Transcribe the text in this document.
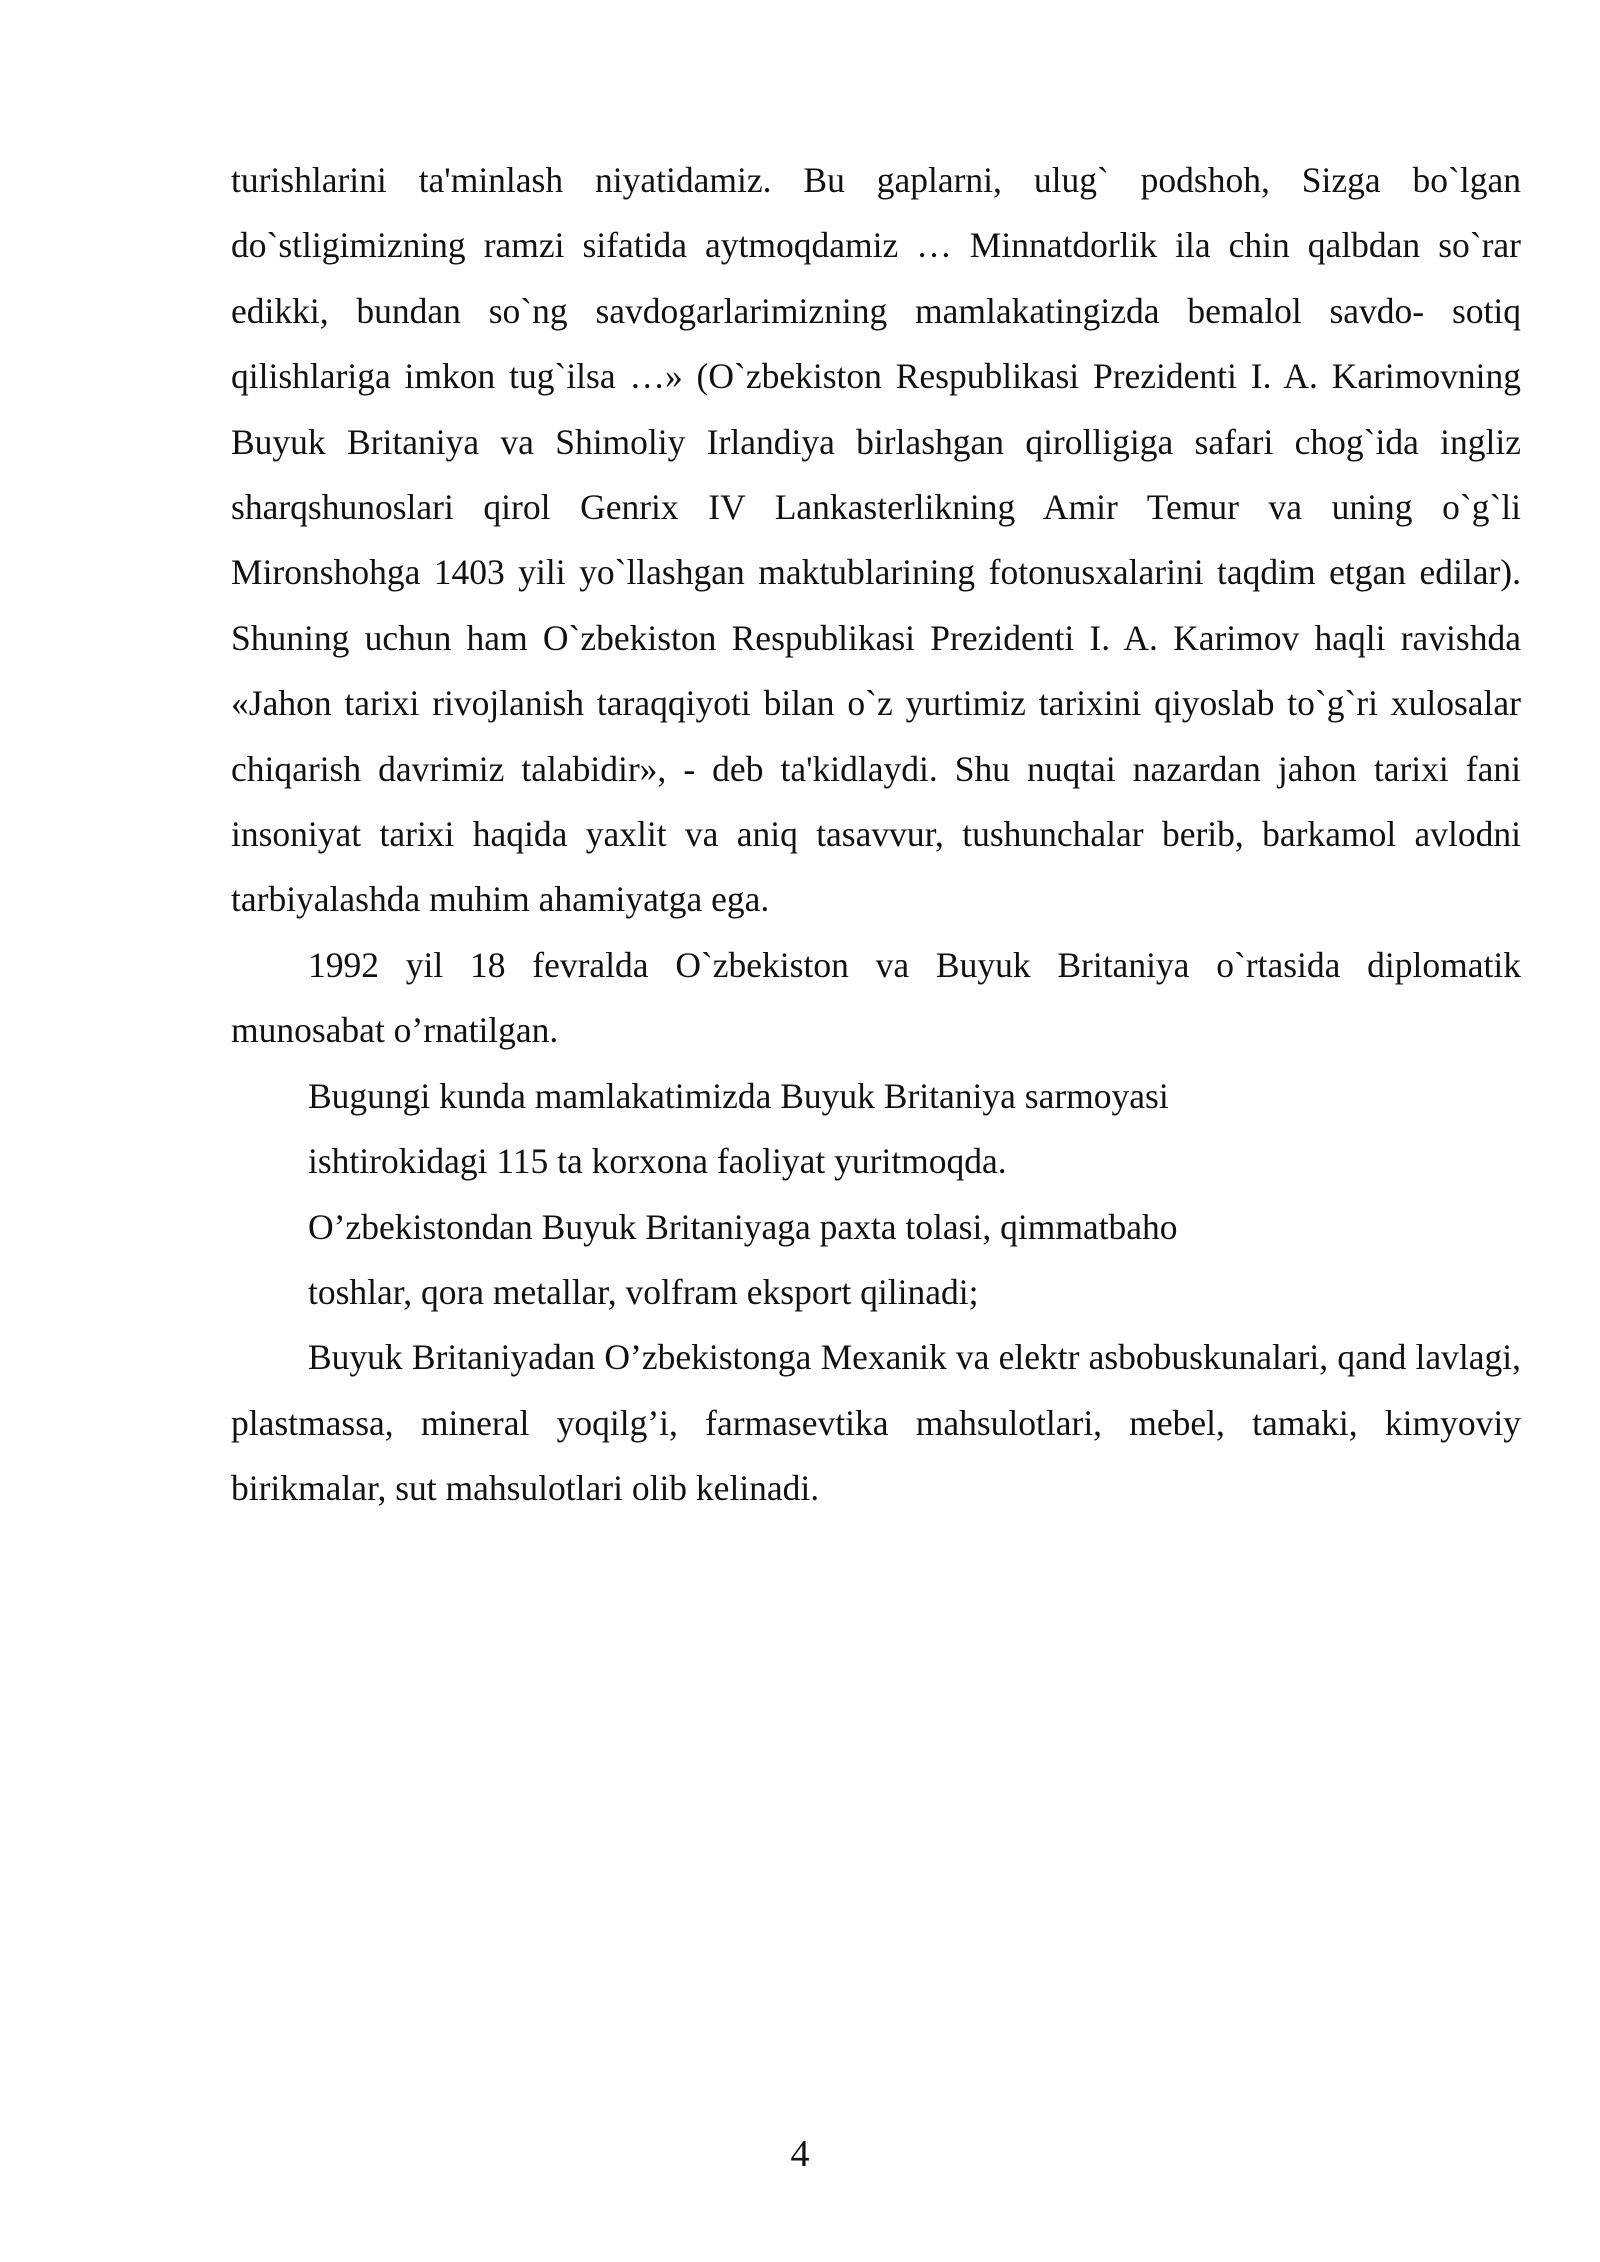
turishlarini ta'minlash niyatidamiz. Bu gaplarni, ulug` podshoh, Sizga bo`lgan do`stligimizning ramzi sifatida aytmoqdamiz … Minnatdorlik ila chin qalbdan so`rar edikki, bundan so`ng savdogarlarimizning mamlakatingizda bemalol savdo- sotiq qilishlariga imkon tug`ilsa …» (O`zbekiston Respublikasi Prezidenti I. A. Karimovning Buyuk Britaniya va Shimoliy Irlandiya birlashgan qirolligiga safari chog`ida ingliz sharqshunoslari qirol Genrix IV Lankasterlikning Amir Temur va uning o`g`li Mironshohga 1403 yili yo`llashgan maktublarining fotonusxalarini taqdim etgan edilar). Shuning uchun ham O`zbekiston Respublikasi Prezidenti I. A. Karimov haqli ravishda «Jahon tarixi rivojlanish taraqqiyoti bilan o`z yurtimiz tarixini qiyoslab to`g`ri xulosalar chiqarish davrimiz talabidir», - deb ta'kidlaydi. Shu nuqtai nazardan jahon tarixi fani insoniyat tarixi haqida yaxlit va aniq tasavvur, tushunchalar berib, barkamol avlodni tarbiyalashda muhim ahamiyatga ega.

1992 yil 18 fevralda O`zbekiston va Buyuk Britaniya o`rtasida diplomatik munosabat o’rnatilgan.

Bugungi kunda mamlakatimizda Buyuk Britaniya sarmoyasi

ishtirokidagi 115 ta korxona faoliyat yuritmoqda.

O’zbekistondan Buyuk Britaniyaga paxta tolasi, qimmatbaho

toshlar, qora metallar, volfram eksport qilinadi;

Buyuk Britaniyadan O’zbekistonga Mexanik va elektr asbobuskunalari, qand lavlagi, plastmassa, mineral yoqilg’i, farmasevtika mahsulotlari, mebel, tamaki, kimyoviy birikmalar, sut mahsulotlari olib kelinadi.

4
